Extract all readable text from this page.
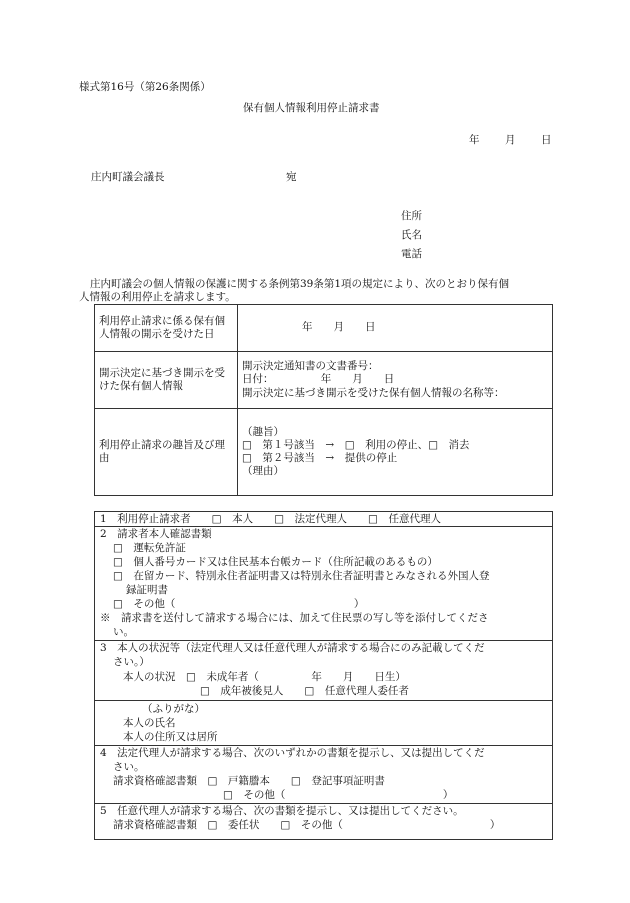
様式第16号（第26条関係）
保有個人情報利用停止請求書
年 月 日
庄内町議会議長	宛
住所
氏名
電話
庄内町議会の個人情報の保護に関する条例第39条第1項の規定により、次のとおり保有個
人情報の利用停止を請求します。
利用停止請求に係る保有個人情報の開示を受けた日	年　　月　　日
開示決定に基づき開示を受けた保有個人情報	開示決定通知書の文書番号：
日付：　　　　　年　　月　　日
開示決定に基づき開示を受けた保有個人情報の名称等：

利用停止請求の趣旨及び理由	（趣旨）
□　第１号該当　→　□　利用の停止、□　消去
□　第２号該当　→　提供の停止
（理由）
1　利用停止請求者　　□　本人　　□　法定代理人　　□　任意代理人
2　請求者本人確認書類
□　運転免許証
□　個人番号カード又は住民基本台帳カード（住所記載のあるもの）
□　在留カード、特別永住者証明書又は特別永住者証明書とみなされる外国人登
録証明書
□　その他（　　　　　　　　　　　　　　　　　）
※　請求書を送付して請求する場合には、加えて住民票の写し等を添付してくださ
い。
3　本人の状況等（法定代理人又は任意代理人が請求する場合にのみ記載してくだ
さい。）
本人の状況　□　未成年者（　　　　　年　　月　　日生）
□　成年被後見人　　□　任意代理人委任者
（ふりがな）
本人の氏名
本人の住所又は居所
4　法定代理人が請求する場合、次のいずれかの書類を提示し、又は提出してくだ
さい。
請求資格確認書類　□　戸籍謄本　　□　登記事項証明書
□　その他（　　　　　　　　　　　　　　　）
5　任意代理人が請求する場合、次の書類を提示し、又は提出してください。
請求資格確認書類　□　委任状　　□　その他（　　　　　　　　　　　　　　）
